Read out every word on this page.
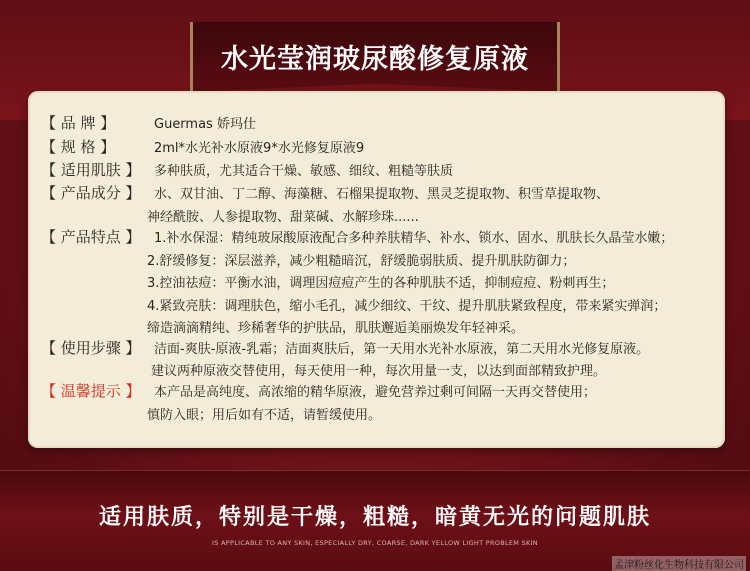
水光莹润玻尿酸修复原液
【 品 牌 】	Guermas 娇玛仕
【 规 格 】	2ml*水光补水原液9*水光修复原液9
【 适用肌肤 】	多种肤质，尤其适合干燥、敏感、细纹、粗糙等肤质
【 产品成分 】	水、双甘油、丁二醇、海藻糖、石榴果提取物、黑灵芝提取物、积雪草提取物、
神经酰胺、人参提取物、甜菜碱、水解珍珠......
【 产品特点 】	1.补水保湿：精纯玻尿酸原液配合多种养肤精华、补水、锁水、固水、肌肤长久晶莹水嫩；
2.舒缓修复：深层滋养，减少粗糙暗沉，舒缓脆弱肤质、提升肌肤防御力；
3.控油祛痘：平衡水油，调理因痘痘产生的各种肌肤不适，抑制痘痘、粉刺再生；
4.紧致亮肤：调理肤色，缩小毛孔，减少细纹、干纹、提升肌肤紧致程度，带来紧实弹润；
缔造滴滴精纯、珍稀奢华的护肤品，肌肤邂逅美丽焕发年轻神采。
【 使用步骤 】	洁面-爽肤-原液-乳霜；洁面爽肤后，第一天用水光补水原液，第二天用水光修复原液。
建议两种原液交替使用，每天使用一种，每次用量一支，以达到面部精致护理。
【 温馨提示 】	本产品是高纯度、高浓缩的精华原液，避免营养过剩可间隔一天再交替使用；
慎防入眼；用后如有不适，请暂缓使用。
适用肤质，特别是干燥，粗糙，暗黄无光的问题肌肤
IS APPLICABLE TO ANY SKIN, ESPECIALLY DRY, COARSE, DARK YELLOW LIGHT PROBLEM SKIN
孟津粉丝化生物科技有限公司
